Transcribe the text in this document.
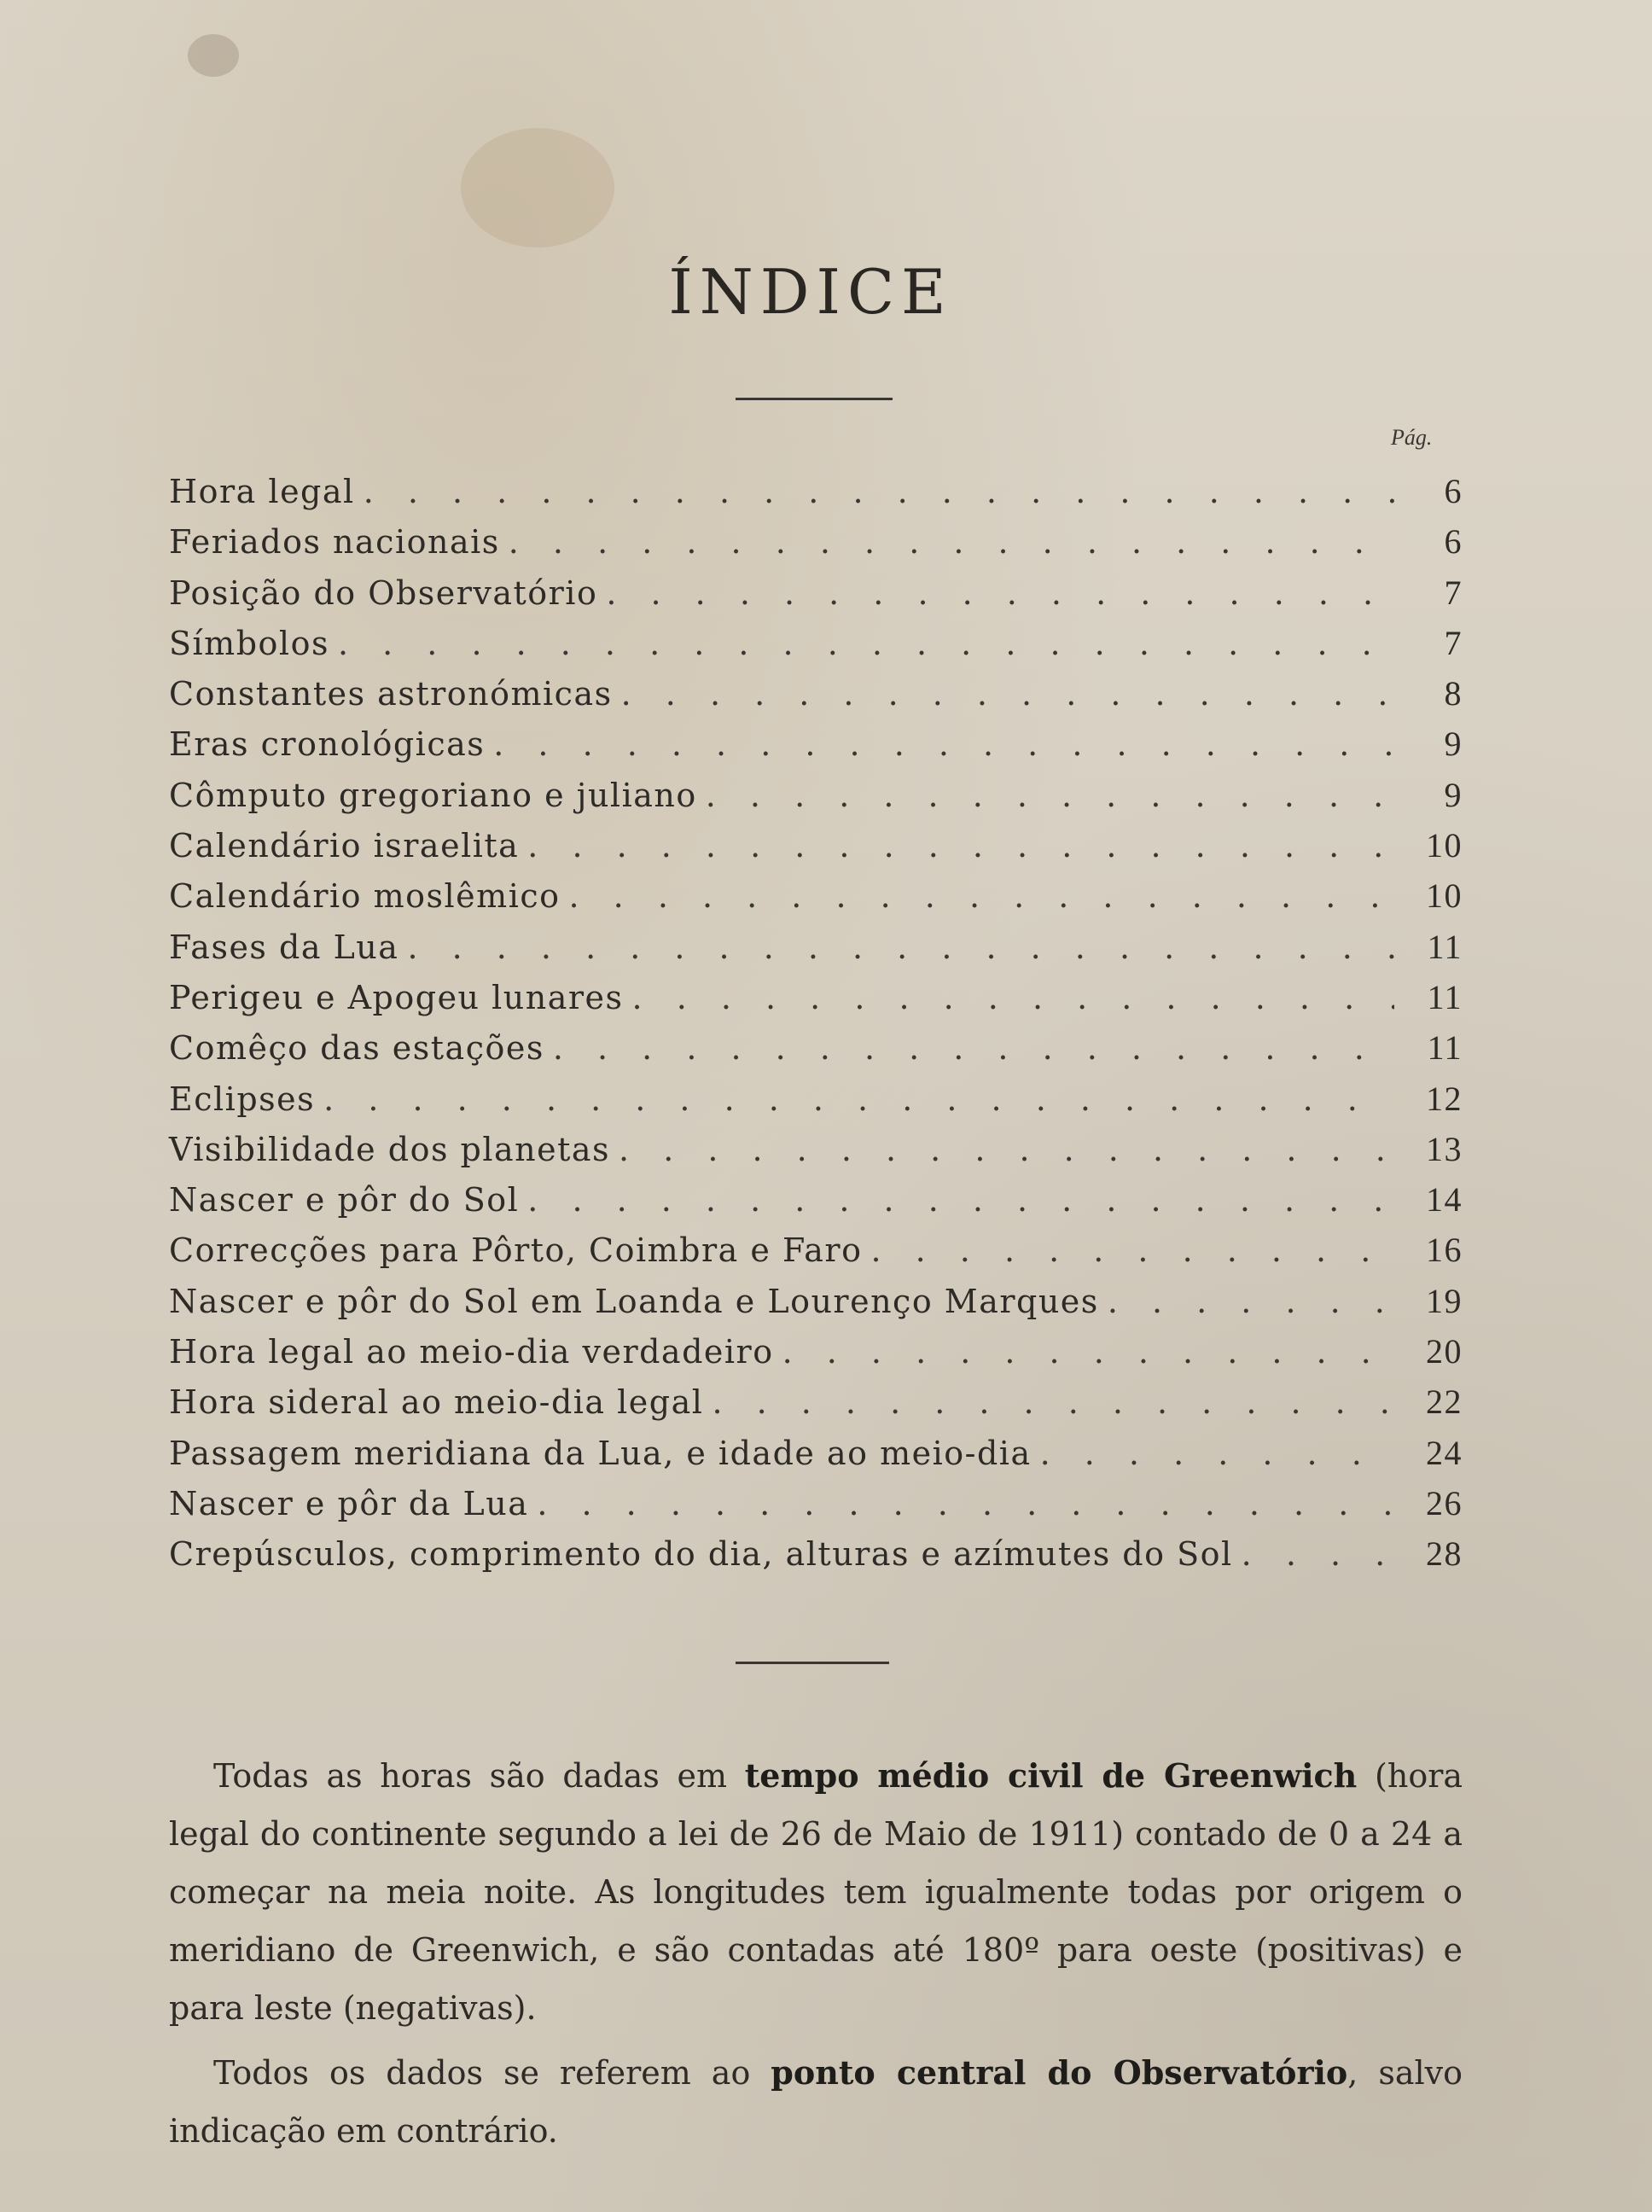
ÍNDICE
Pág.
Hora legal . . .	6
Feriados nacionais . . .	6
Posição do Observatório . . .	7
Símbolos . . .	7
Constantes astronómicas . . .	8
Eras cronológicas . . .	9
Cômputo gregoriano e juliano . . .	9
Calendário israelita . . .	10
Calendário moslêmico . . .	10
Fases da Lua . . .	11
Perigeu e Apogeu lunares . . .	11
Comêço das estações . . .	11
Eclipses . . .	12
Visibilidade dos planetas . . .	13
Nascer e pôr do Sol . . .	14
Correcções para Pôrto, Coimbra e Faro . . .	16
Nascer e pôr do Sol em Loanda e Lourenço Marques . . .	19
Hora legal ao meio-dia verdadeiro . . .	20
Hora sideral ao meio-dia legal . . .	22
Passagem meridiana da Lua, e idade ao meio-dia . . .	24
Nascer e pôr da Lua . . .	26
Crepúsculos, comprimento do dia, alturas e azímutes do Sol . . .	28

Todas as horas são dadas em tempo médio civil de Greenwich (hora legal do continente segundo a lei de 26 de Maio de 1911) contado de 0 a 24 a começar na meia noite. As longitudes tem igualmente todas por origem o meridiano de Greenwich, e são contadas até 180º para oeste (positivas) e para leste (negativas).

Todos os dados se referem ao ponto central do Observatório, salvo indicação em contrário.
